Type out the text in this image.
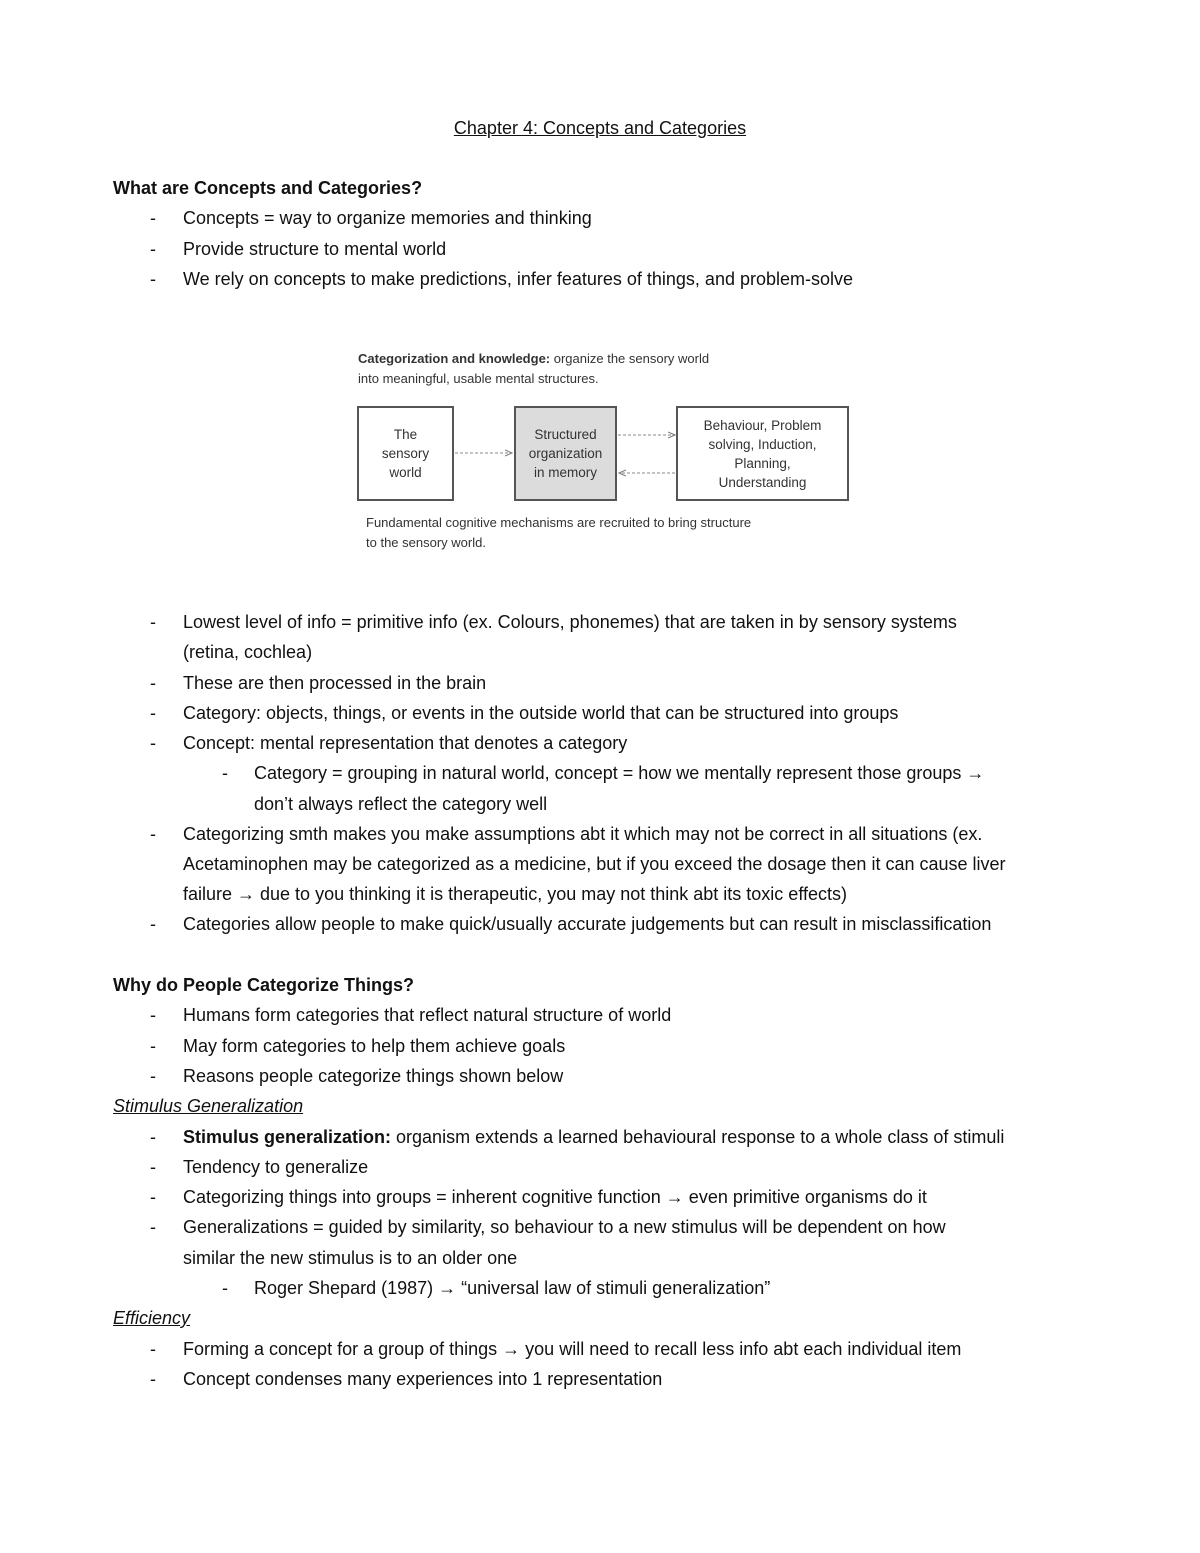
Chapter 4: Concepts and Categories
What are Concepts and Categories?
- Concepts = way to organize memories and thinking
- Provide structure to mental world
- We rely on concepts to make predictions, infer features of things, and problem-solve
Categorization and knowledge: organize the sensory world
into meaningful, usable mental structures.
The
sensory
world
Structured
organization
in memory
Behaviour, Problem
solving, Induction,
Planning,
Understanding
Fundamental cognitive mechanisms are recruited to bring structure
to the sensory world.
- Lowest level of info = primitive info (ex. Colours, phonemes) that are taken in by sensory systems
(retina, cochlea)
- These are then processed in the brain
- Category: objects, things, or events in the outside world that can be structured into groups
- Concept: mental representation that denotes a category
- Category = grouping in natural world, concept = how we mentally represent those groups →
don’t always reflect the category well
- Categorizing smth makes you make assumptions abt it which may not be correct in all situations (ex.
Acetaminophen may be categorized as a medicine, but if you exceed the dosage then it can cause liver
failure → due to you thinking it is therapeutic, you may not think abt its toxic effects)
- Categories allow people to make quick/usually accurate judgements but can result in misclassification
Why do People Categorize Things?
- Humans form categories that reflect natural structure of world
- May form categories to help them achieve goals
- Reasons people categorize things shown below
Stimulus Generalization
- Stimulus generalization: organism extends a learned behavioural response to a whole class of stimuli
- Tendency to generalize
- Categorizing things into groups = inherent cognitive function → even primitive organisms do it
- Generalizations = guided by similarity, so behaviour to a new stimulus will be dependent on how
similar the new stimulus is to an older one
- Roger Shepard (1987) → “universal law of stimuli generalization”
Efficiency
- Forming a concept for a group of things → you will need to recall less info abt each individual item
- Concept condenses many experiences into 1 representation
